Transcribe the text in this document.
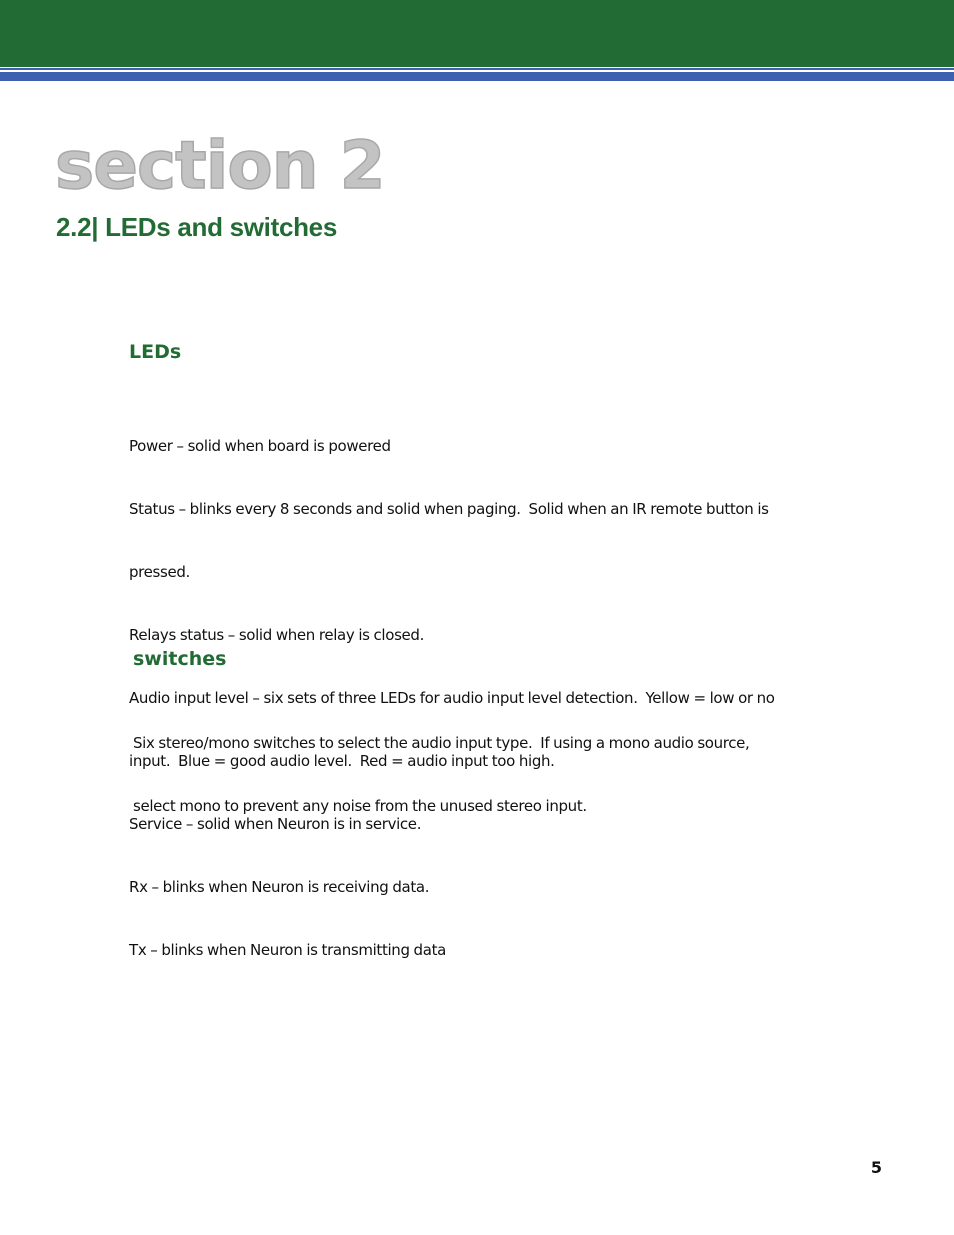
section 2
2.2| LEDs and switches
LEDs

Power – solid when board is powered

Status – blinks every 8 seconds and solid when paging.  Solid when an IR remote button is

pressed.

Relays status – solid when relay is closed.

Audio input level – six sets of three LEDs for audio input level detection.  Yellow = low or no

input.  Blue = good audio level.  Red = audio input too high.

Service – solid when Neuron is in service.

Rx – blinks when Neuron is receiving data.

Tx – blinks when Neuron is transmitting data

switches

Six stereo/mono switches to select the audio input type.  If using a mono audio source,

select mono to prevent any noise from the unused stereo input.

5
